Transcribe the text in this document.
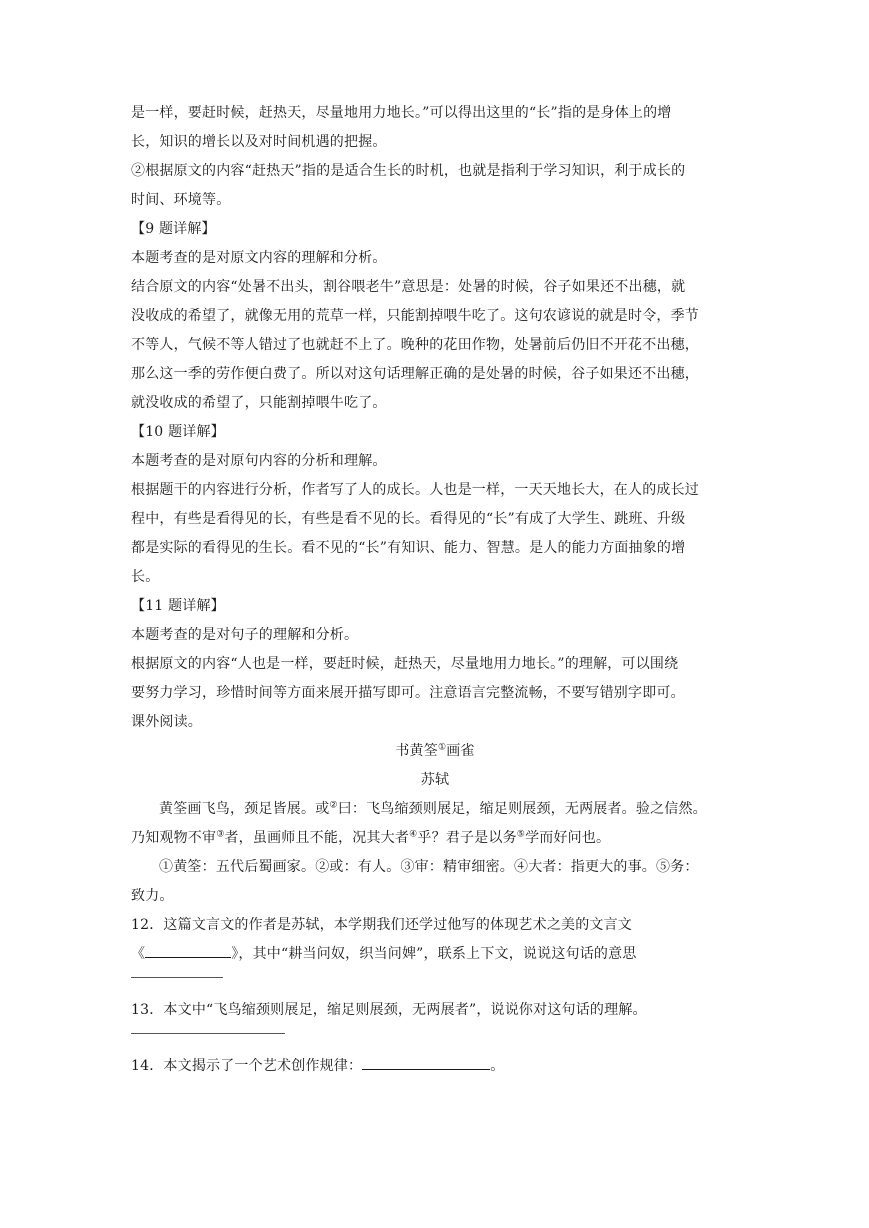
是一样，要赶时候，赶热天，尽量地用力地长。”可以得出这里的“长”指的是身体上的增
长，知识的增长以及对时间机遇的把握。
②根据原文的内容“赶热天”指的是适合生长的时机，也就是指利于学习知识，利于成长的
时间、环境等。
【9 题详解】
本题考查的是对原文内容的理解和分析。
结合原文的内容“处暑不出头，割谷喂老牛”意思是：处暑的时候，谷子如果还不出穗，就
没收成的希望了，就像无用的荒草一样，只能割掉喂牛吃了。这句农谚说的就是时令，季节
不等人，气候不等人错过了也就赶不上了。晚种的花田作物，处暑前后仍旧不开花不出穗，
那么这一季的劳作便白费了。所以对这句话理解正确的是处暑的时候，谷子如果还不出穗，
就没收成的希望了，只能割掉喂牛吃了。
【10 题详解】
本题考查的是对原句内容的分析和理解。
根据题干的内容进行分析，作者写了人的成长。人也是一样，一天天地长大，在人的成长过
程中，有些是看得见的长，有些是看不见的长。看得见的“长”有成了大学生、跳班、升级
都是实际的看得见的生长。看不见的“长”有知识、能力、智慧。是人的能力方面抽象的增
长。
【11 题详解】
本题考查的是对句子的理解和分析。
根据原文的内容“人也是一样，要赶时候，赶热天，尽量地用力地长。”的理解，可以围绕
要努力学习，珍惜时间等方面来展开描写即可。注意语言完整流畅，不要写错别字即可。
课外阅读。
书黄筌①画雀
苏轼
黄筌画飞鸟，颈足皆展。或②曰：飞鸟缩颈则展足，缩足则展颈，无两展者。验之信然。
乃知观物不审③者，虽画师且不能，况其大者④乎？君子是以务⑤学而好问也。
①黄筌：五代后蜀画家。②或：有人。③审：精审细密。④大者：指更大的事。⑤务：
致力。
12．这篇文言文的作者是苏轼，本学期我们还学过他写的体现艺术之美的文言文
《	》，其中“耕当问奴，织当问婢”，联系上下文，说说这句话的意思
13．本文中“飞鸟缩颈则展足，缩足则展颈，无两展者”，说说你对这句话的理解。
14．本文揭示了一个艺术创作规律：	。
